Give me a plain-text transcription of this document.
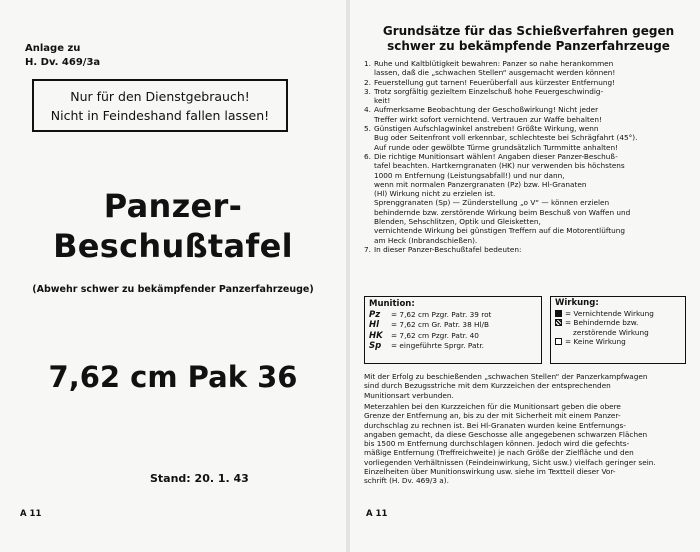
Anlage zu
H. Dv. 469/3a
Nur für den Dienstgebrauch!
Nicht in Feindeshand fallen lassen!
Panzer-
Beschußtafel
(Abwehr schwer zu bekämpfender Panzerfahrzeuge)
7,62 cm Pak 36
Stand: 20. 1. 43
A 11
Grundsätze für das Schießverfahren gegen
schwer zu bekämpfende Panzerfahrzeuge
1. Ruhe und Kaltblütigkeit bewahren: Panzer so nahe herankommen
lassen, daß die „schwachen Stellen“ ausgemacht werden können!
2. Feuerstellung gut tarnen! Feuerüberfall aus kürzester Entfernung!
3. Trotz sorgfältig gezieltem Einzelschuß hohe Feuergeschwindig-
keit!
4. Aufmerksame Beobachtung der Geschoßwirkung! Nicht jeder
Treffer wirkt sofort vernichtend. Vertrauen zur Waffe behalten!
5. Günstigen Aufschlagwinkel anstreben! Größte Wirkung, wenn
Bug oder Seitenfront voll erkennbar, schlechteste bei Schrägfahrt (45°).
Auf runde oder gewölbte Türme grundsätzlich Turmmitte anhalten!
6. Die richtige Munitionsart wählen! Angaben dieser Panzer-Beschuß-
tafel beachten. Hartkerngranaten (HK) nur verwenden bis höchstens
1000 m Entfernung (Leistungsabfall!) und nur dann,
wenn mit normalen Panzergranaten (Pz) bzw. Hl-Granaten
(Hl) Wirkung nicht zu erzielen ist.
Sprenggranaten (Sp) — Zünderstellung „o V“ — können erzielen
behindernde bzw. zerstörende Wirkung beim Beschuß von Waffen und
Blenden, Sehschlitzen, Optik und Gleisketten,
vernichtende Wirkung bei günstigen Treffern auf die Motorentlüftung
am Heck (Inbrandschießen).
7. In dieser Panzer-Beschußtafel bedeuten:
Munition:
Pz = 7,62 cm Pzgr. Patr. 39 rot
Hl = 7,62 cm Gr. Patr. 38 Hl/B
HK = 7,62 cm Pzgr. Patr. 40
Sp = eingeführte Sprgr. Patr.
Wirkung:
= Vernichtende Wirkung
= Behindernde bzw.
zerstörende Wirkung
= Keine Wirkung
Mit der Erfolg zu beschießenden „schwachen Stellen“ der Panzerkampfwagen
sind durch Bezugsstriche mit dem Kurzzeichen der entsprechenden
Munitionsart verbunden.
Meterzahlen bei den Kurzzeichen für die Munitionsart geben die obere
Grenze der Entfernung an, bis zu der mit Sicherheit mit einem Panzer-
durchschlag zu rechnen ist. Bei Hl-Granaten wurden keine Entfernungs-
angaben gemacht, da diese Geschosse alle angegebenen schwarzen Flächen
bis 1500 m Entfernung durchschlagen können. Jedoch wird die gefechts-
mäßige Entfernung (Treffreichweite) je nach Größe der Zielfläche und den
vorliegenden Verhältnissen (Feindeinwirkung, Sicht usw.) vielfach geringer sein.
Einzelheiten über Munitionswirkung usw. siehe im Textteil dieser Vor-
schrift (H. Dv. 469/3 a).
A 11
